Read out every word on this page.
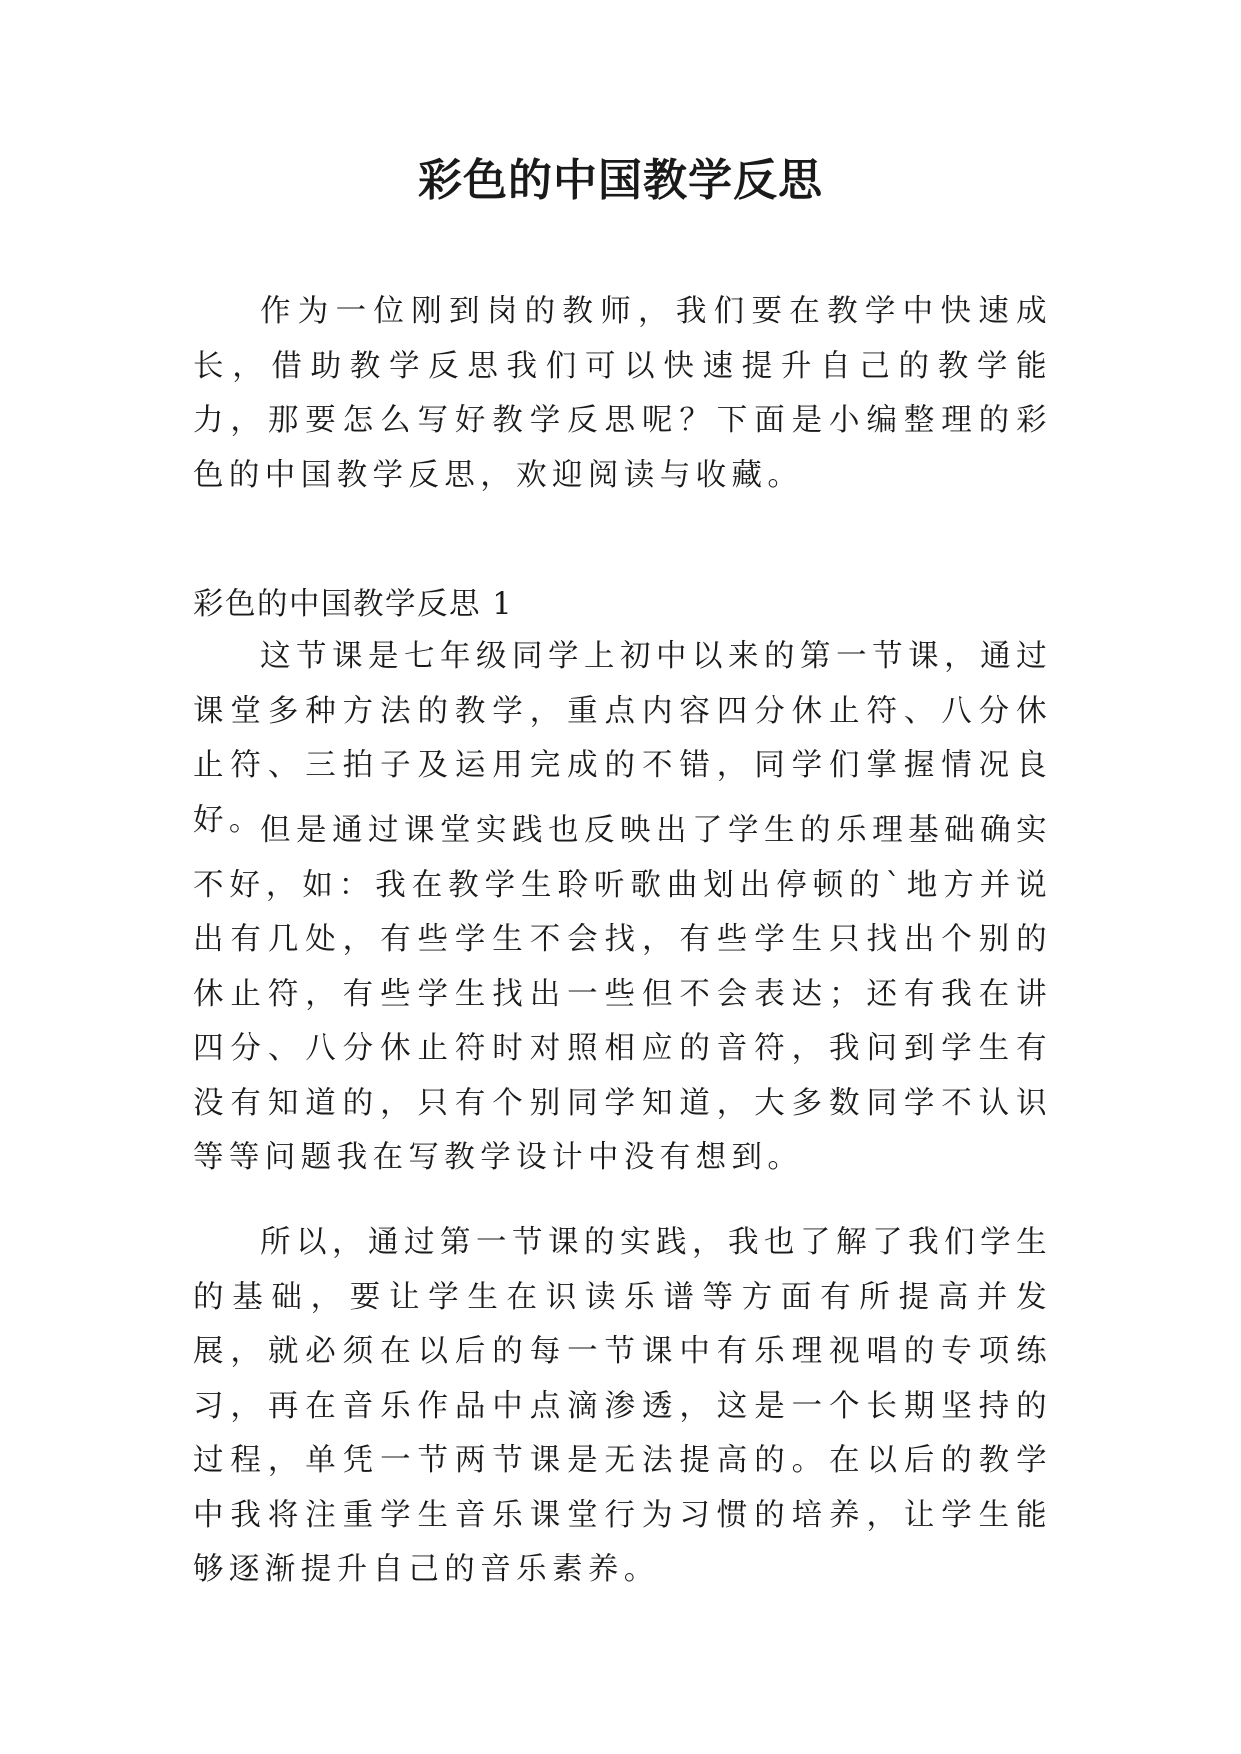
彩色的中国教学反思

作为一位刚到岗的教师，我们要在教学中快速成长，借助教学反思我们可以快速提升自己的教学能力，那要怎么写好教学反思呢？下面是小编整理的彩色的中国教学反思，欢迎阅读与收藏。

彩色的中国教学反思 1

这节课是七年级同学上初中以来的第一节课，通过课堂多种方法的教学，重点内容四分休止符、八分休止符、三拍子及运用完成的不错，同学们掌握情况良好。

但是通过课堂实践也反映出了学生的乐理基础确实不好，如：我在教学生聆听歌曲划出停顿的`地方并说出有几处，有些学生不会找，有些学生只找出个别的休止符，有些学生找出一些但不会表达；还有我在讲四分、八分休止符时对照相应的音符，我问到学生有没有知道的，只有个别同学知道，大多数同学不认识等等问题我在写教学设计中没有想到。

所以，通过第一节课的实践，我也了解了我们学生的基础，要让学生在识读乐谱等方面有所提高并发展，就必须在以后的每一节课中有乐理视唱的专项练习，再在音乐作品中点滴渗透，这是一个长期坚持的过程，单凭一节两节课是无法提高的。在以后的教学中我将注重学生音乐课堂行为习惯的培养，让学生能够逐渐提升自己的音乐素养。
